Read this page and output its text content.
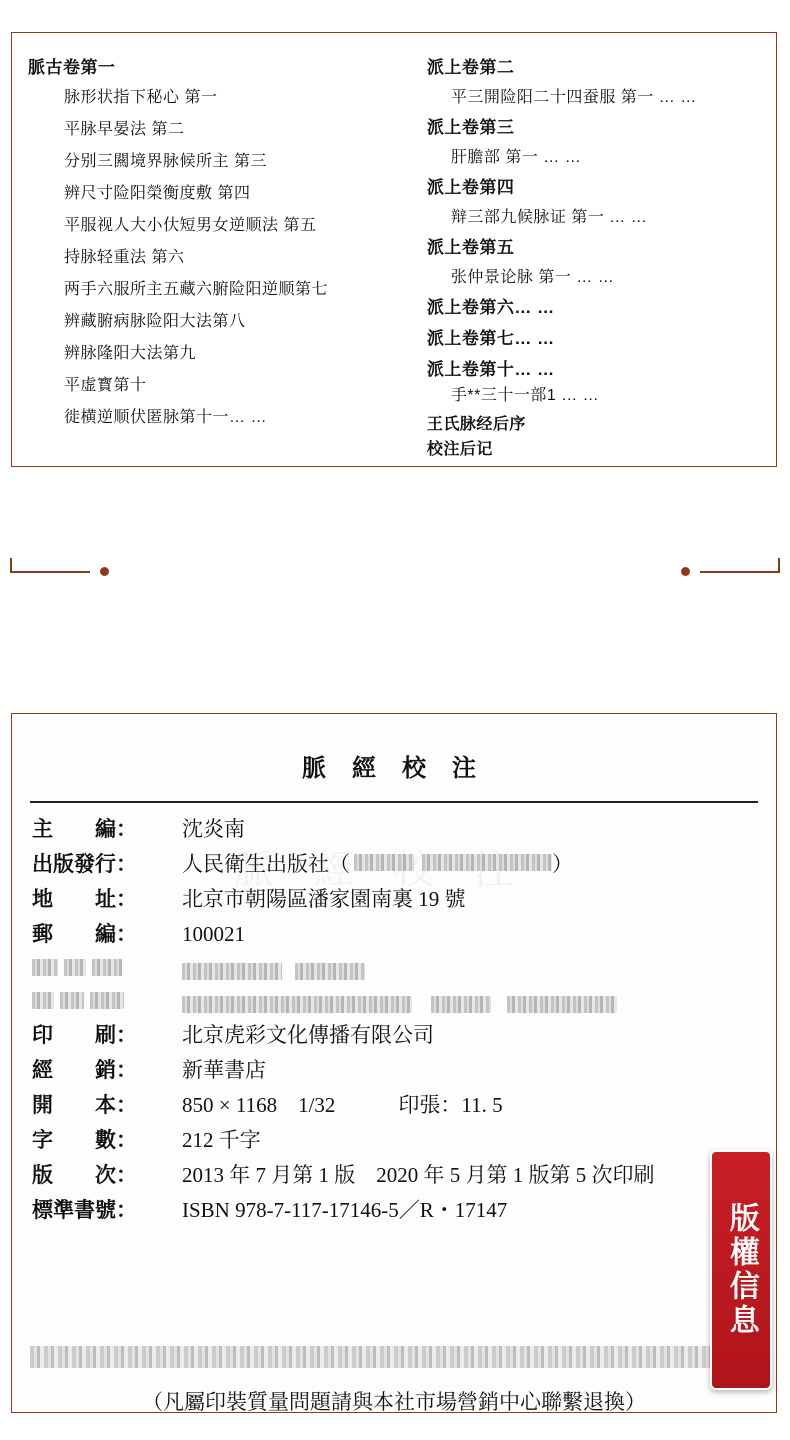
脈古卷第一
脉形状指下秘心 第一
平脉早晏法 第二
分别三闗境界脉候所主 第三
辨尺寸险阳榮衡度敷 第四
平服视人大小㐲短男女逆顺法 第五
持脉轻重法 第六
两手六服所主五藏六腑险阳逆顺第七
辨藏腑病脉险阳大法第八
辨脉隆阳大法第九
平虚寳第十
徙横逆顺伏匿脉第十一… …
派上卷第二
平三開险阳二十四蚕服 第一 … …
派上卷第三
肝膽部 第一 … …
派上卷第四
辩三部九候脉证 第一 … …
派上卷第五
张仲景论脉 第一 … …
派上卷第六… …
派上卷第七… …
派上卷第十… …
手**三十一部1 … …
王氏脉经后序
校注后记
脈 經 校 注
主　　編：	沈炎南
出版發行：	人民衛生出版社（	）
地　　址：	北京市朝陽區潘家園南裏 19 號
郵　　編：	100021

印　　刷：	北京虎彩文化傳播有限公司
經　　銷：	新華書店
開　　本：	850 × 1168　1/32　　　印張：11. 5
字　　數：	212 千字
版　　次：	2013 年 7 月第 1 版　2020 年 5 月第 1 版第 5 次印刷
標準書號：	ISBN 978-7-117-17146-5／R・17147
（凡屬印裝質量問題請與本社市場營銷中心聯繫退換）
版權信息
